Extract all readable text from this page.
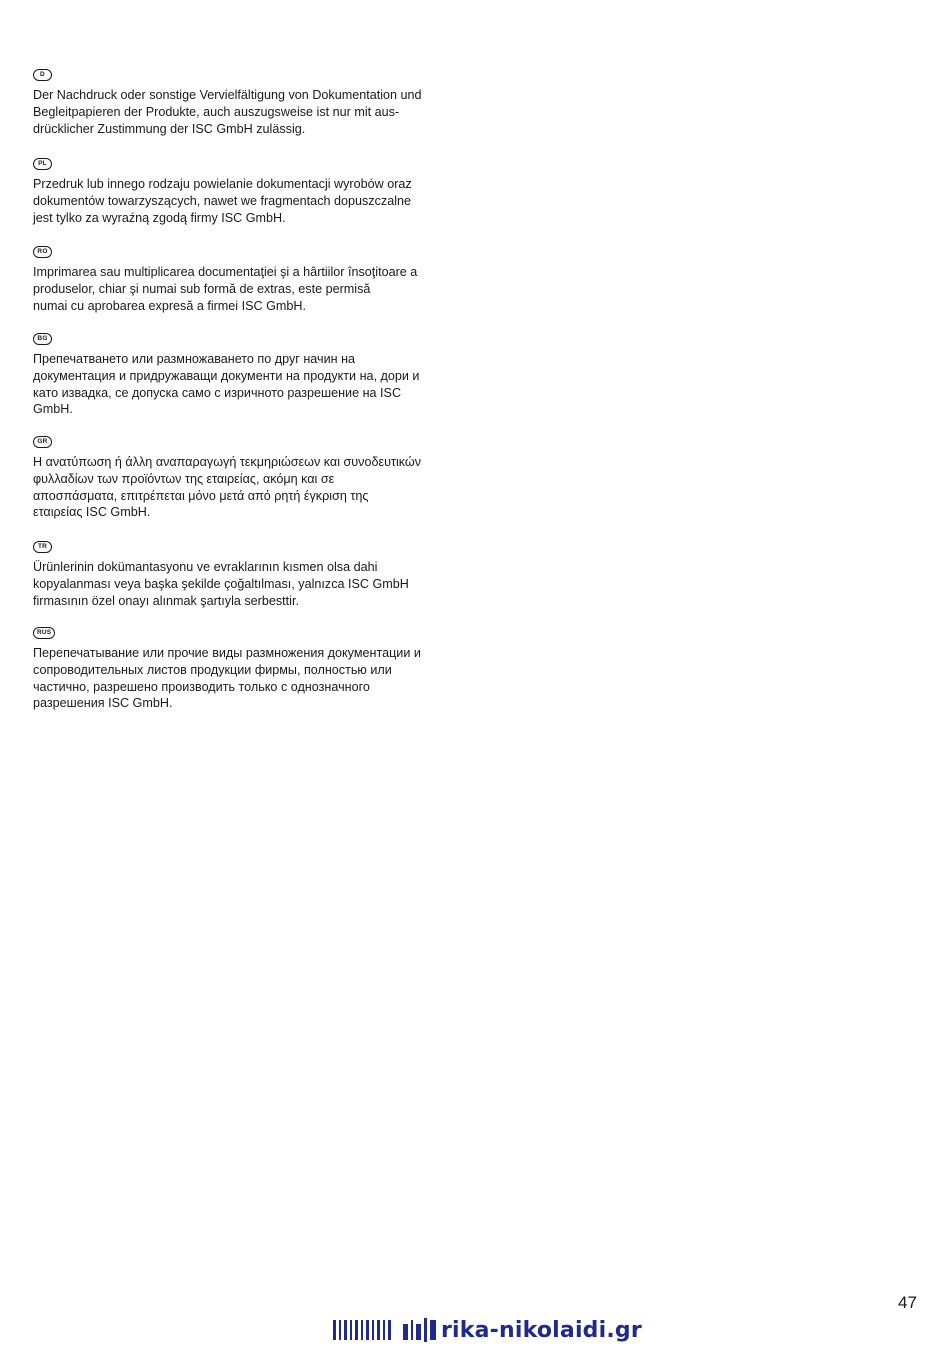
D
Der Nachdruck oder sonstige Vervielfältigung von Dokumentation und
Begleitpapieren der Produkte, auch auszugsweise ist nur mit aus-
drücklicher Zustimmung der ISC GmbH zulässig.
PL
Przedruk lub innego rodzaju powielanie dokumentacji wyrobów oraz
dokumentów towarzyszących, nawet we fragmentach dopuszczalne
jest tylko za wyraźną zgodą firmy ISC GmbH.
RO
Imprimarea sau multiplicarea documentaţiei şi a hârtiilor însoţitoare a
produselor, chiar şi numai sub formă de extras, este permisă
numai cu aprobarea expresă a firmei ISC GmbH.
BG
Препечатването или размножаването по друг начин на
документация и придружаващи документи на продукти на, дори и
като извадка, се допуска само с изричното разрешение на ISC
GmbH.
GR
Η ανατύπωση ή άλλη αναπαραγωγή τεκμηριώσεων και συνοδευτικών
φυλλαδίων των προϊόντων της εταιρείας, ακόμη και σε
αποσπάσματα, επιτρέπεται μόνο μετά από ρητή έγκριση της
εταιρείας ISC GmbH.
TR
Ürünlerinin dokümantasyonu ve evraklarının kısmen olsa dahi
kopyalanması veya başka şekilde çoğaltılması, yalnızca ISC GmbH
firmasının özel onayı alınmak şartıyla serbesttir.
RUS
Перепечатывание или прочие виды размножения документации и
сопроводительных листов продукции фирмы, полностью или
частично, разрешено производить только с однозначного
разрешения ISC GmbH.
47
rika-nikolaidi.gr
